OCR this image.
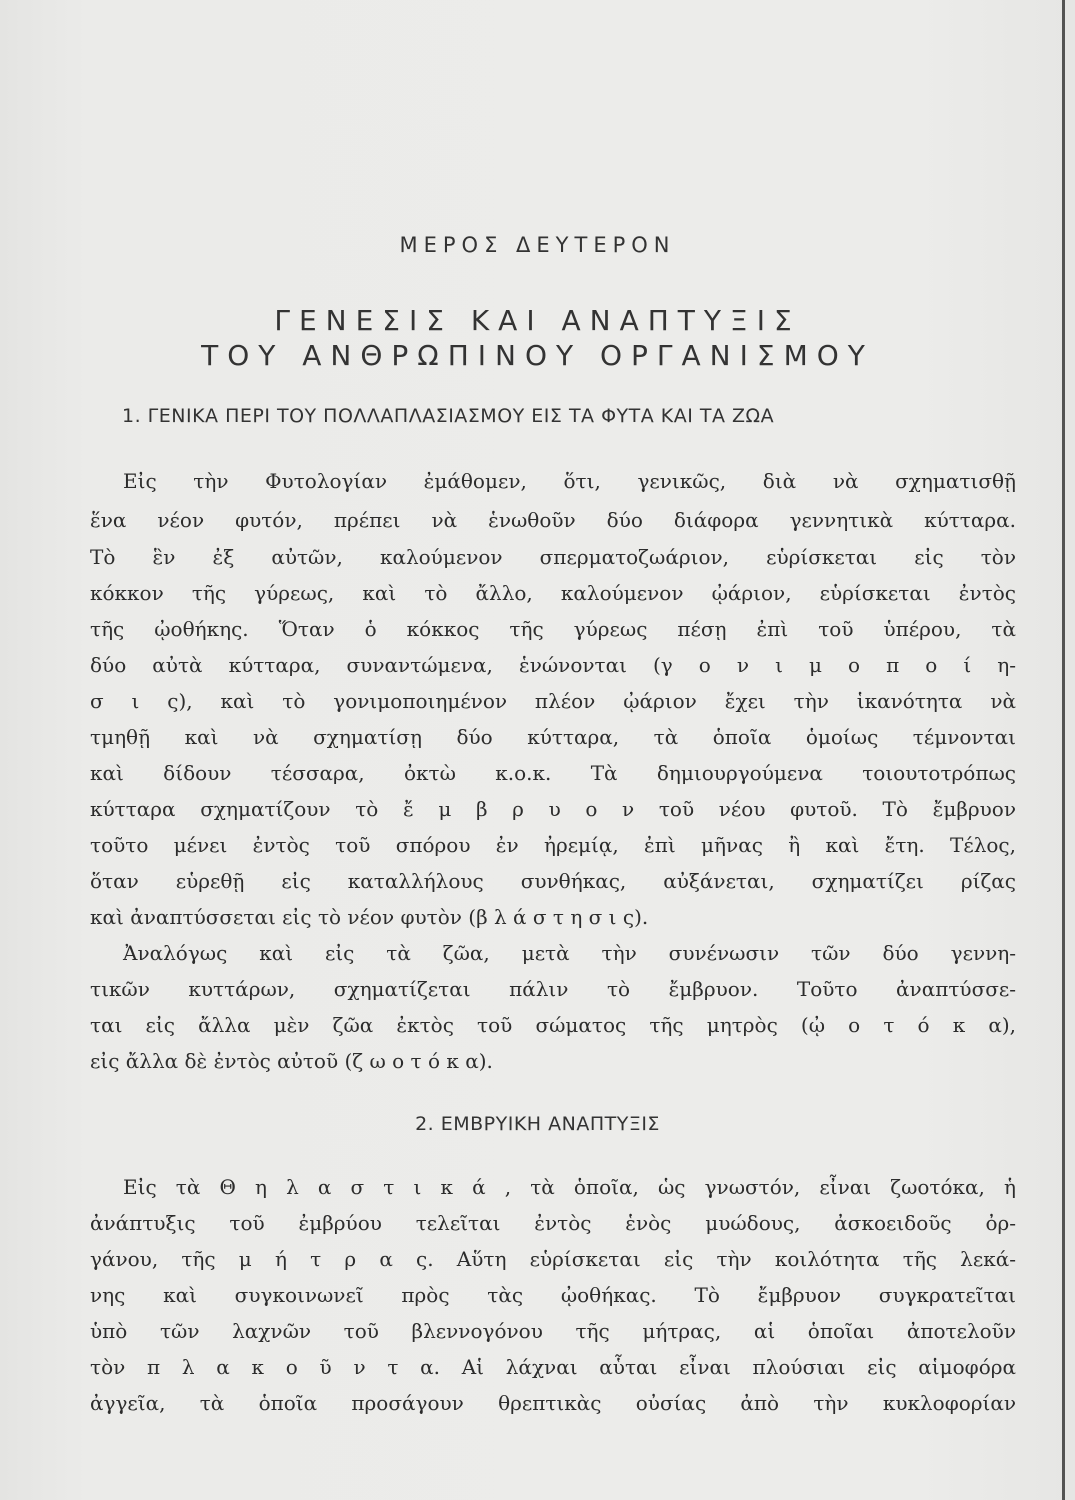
ΜΕΡΟΣ ΔΕΥΤΕΡΟΝ
ΓΕΝΕΣΙΣ ΚΑΙ ΑΝΑΠΤΥΞΙΣ
ΤΟΥ ΑΝΘΡΩΠΙΝΟΥ ΟΡΓΑΝΙΣΜΟΥ
1. ΓΕΝΙΚΑ ΠΕΡΙ ΤΟΥ ΠΟΛΛΑΠΛΑΣΙΑΣΜΟΥ ΕΙΣ ΤΑ ΦΥΤΑ ΚΑΙ ΤΑ ΖΩΑ
Εἰς τὴν Φυτολογίαν ἐμάθομεν, ὅτι, γενικῶς, διὰ νὰ σχηματισθῇ
ἕνα νέον φυτόν, πρέπει νὰ ἑνωθοῦν δύο διάφορα γεννητικὰ κύτταρα.
Τὸ ἓν ἐξ αὐτῶν, καλούμενον σπερματοζωάριον, εὑρίσκεται εἰς τὸν
κόκκον τῆς γύρεως, καὶ τὸ ἄλλο, καλούμενον ᾠάριον, εὑρίσκεται ἐντὸς
τῆς ᾠοθήκης. Ὅταν ὁ κόκκος τῆς γύρεως πέσῃ ἐπὶ τοῦ ὑπέρου, τὰ
δύο αὐτὰ κύτταρα, συναντώμενα, ἑνώνονται (γ ο ν ι μ ο π ο ί η-
σ ι ς), καὶ τὸ γονιμοποιημένον πλέον ᾠάριον ἔχει τὴν ἱκανότητα νὰ
τμηθῇ καὶ νὰ σχηματίσῃ δύο κύτταρα, τὰ ὁποῖα ὁμοίως τέμνονται
καὶ δίδουν τέσσαρα, ὀκτὼ κ.ο.κ. Τὰ δημιουργούμενα τοιουτοτρόπως
κύτταρα σχηματίζουν τὸ ἔ μ β ρ υ ο ν τοῦ νέου φυτοῦ. Τὸ ἔμβρυον
τοῦτο μένει ἐντὸς τοῦ σπόρου ἐν ἠρεμίᾳ, ἐπὶ μῆνας ἢ καὶ ἔτη. Τέλος,
ὅταν εὑρεθῇ εἰς καταλλήλους συνθήκας, αὐξάνεται, σχηματίζει ρίζας
καὶ ἀναπτύσσεται εἰς τὸ νέον φυτὸν (β λ ά σ τ η σ ι ς).
Ἀναλόγως καὶ εἰς τὰ ζῶα, μετὰ τὴν συνένωσιν τῶν δύο γεννη-
τικῶν κυττάρων, σχηματίζεται πάλιν τὸ ἔμβρυον. Τοῦτο ἀναπτύσσε-
ται εἰς ἄλλα μὲν ζῶα ἐκτὸς τοῦ σώματος τῆς μητρὸς (ᾠ ο τ ό κ α),
εἰς ἄλλα δὲ ἐντὸς αὐτοῦ (ζ ω ο τ ό κ α).
2. ΕΜΒΡΥΙΚΗ ΑΝΑΠΤΥΞΙΣ
Εἰς τὰ Θ η λ α σ τ ι κ ά , τὰ ὁποῖα, ὡς γνωστόν, εἶναι ζωοτόκα, ἡ
ἀνάπτυξις τοῦ ἐμβρύου τελεῖται ἐντὸς ἑνὸς μυώδους, ἀσκοειδοῦς ὀρ-
γάνου, τῆς μ ή τ ρ α ς. Αὕτη εὑρίσκεται εἰς τὴν κοιλότητα τῆς λεκά-
νης καὶ συγκοινωνεῖ πρὸς τὰς ᾠοθήκας. Τὸ ἔμβρυον συγκρατεῖται
ὑπὸ τῶν λαχνῶν τοῦ βλεννογόνου τῆς μήτρας, αἱ ὁποῖαι ἀποτελοῦν
τὸν π λ α κ ο ῦ ν τ α. Αἱ λάχναι αὗται εἶναι πλούσιαι εἰς αἱμοφόρα
ἀγγεῖα, τὰ ὁποῖα προσάγουν θρεπτικὰς οὐσίας ἀπὸ τὴν κυκλοφορίαν
